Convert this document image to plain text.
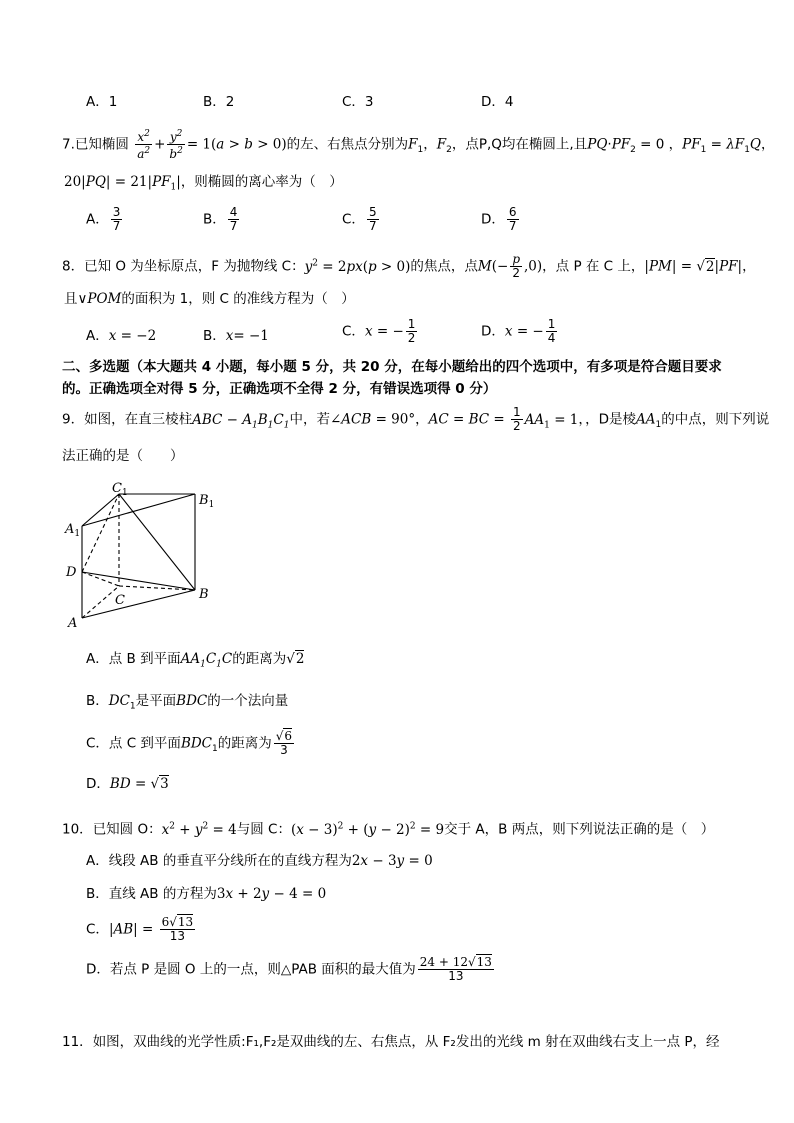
A．1	B．2	C．3	D．4
7.已知椭圆 $\frac{x^2}{a^2} + \frac{y^2}{b^2} = 1(a > b > 0)$的左、右焦点分别为$F_1$，$F_2$，点P,Q均在椭圆上,且$PQ\cdot PF_2 = 0$ ，$PF_1 = \lambda F_1Q$，
$20|PQ| = 21|PF_1|$，则椭圆的离心率为（　）
A． $\frac{3}{7}$	B． $\frac{4}{7}$	C． $\frac{5}{7}$	D． $\frac{6}{7}$
8．已知 O 为坐标原点，F 为抛物线 C：$y^2 = 2px(p > 0)$的焦点，点$M(- \frac{p}{2} ,0)$，点 P 在 C 上，|PM| = √2|PF|，
且∨POM的面积为 1，则 C 的准线方程为（　）
A．x = −2	B．x= −1	C．x = − $\frac{1}{2}$	D．x = − $\frac{1}{4}$
二、多选题（本大题共 4 小题，每小题 5 分，共 20 分，在每小题给出的四个选项中，有多项是符合题目要求
的。正确选项全对得 5 分，正确选项不全得 2 分，有错误选项得 0 分）
9．如图，在直三棱柱ABC − $A_1B_1C_1$中，若∠ACB = 90°，AC = BC = $\frac{1}{2} AA_1 = 1$，，D是棱$AA_1$的中点，则下列说
法正确的是（　　）
$C_1$	$B_1$
$A_1$
D
C	B
A
A．点 B 到平面$AA_1C_1C$的距离为√2
B．$DC_1$是平面BDC的一个法向量
C．点 C 到平面$BDC_1$的距离为 $\frac{√6}{3}$
D．BD = √3
10．已知圆 O：$x^2 + y^2 = 4$与圆 C：$(x - 3)^2 + (y - 2)^2 = 9$交于 A，B 两点，则下列说法正确的是（　）
A．线段 AB 的垂直平分线所在的直线方程为2x − 3y = 0
B．直线 AB 的方程为3x + 2y − 4 = 0
C．$|AB| = \frac{6√13}{13}$
D．若点 P 是圆 O 上的一点，则△PAB 面积的最大值为 $\frac{24 + 12√13}{13}$
11．如图，双曲线的光学性质:F₁,F₂是双曲线的左、右焦点，从 F₂发出的光线 m 射在双曲线右支上一点 P，经
